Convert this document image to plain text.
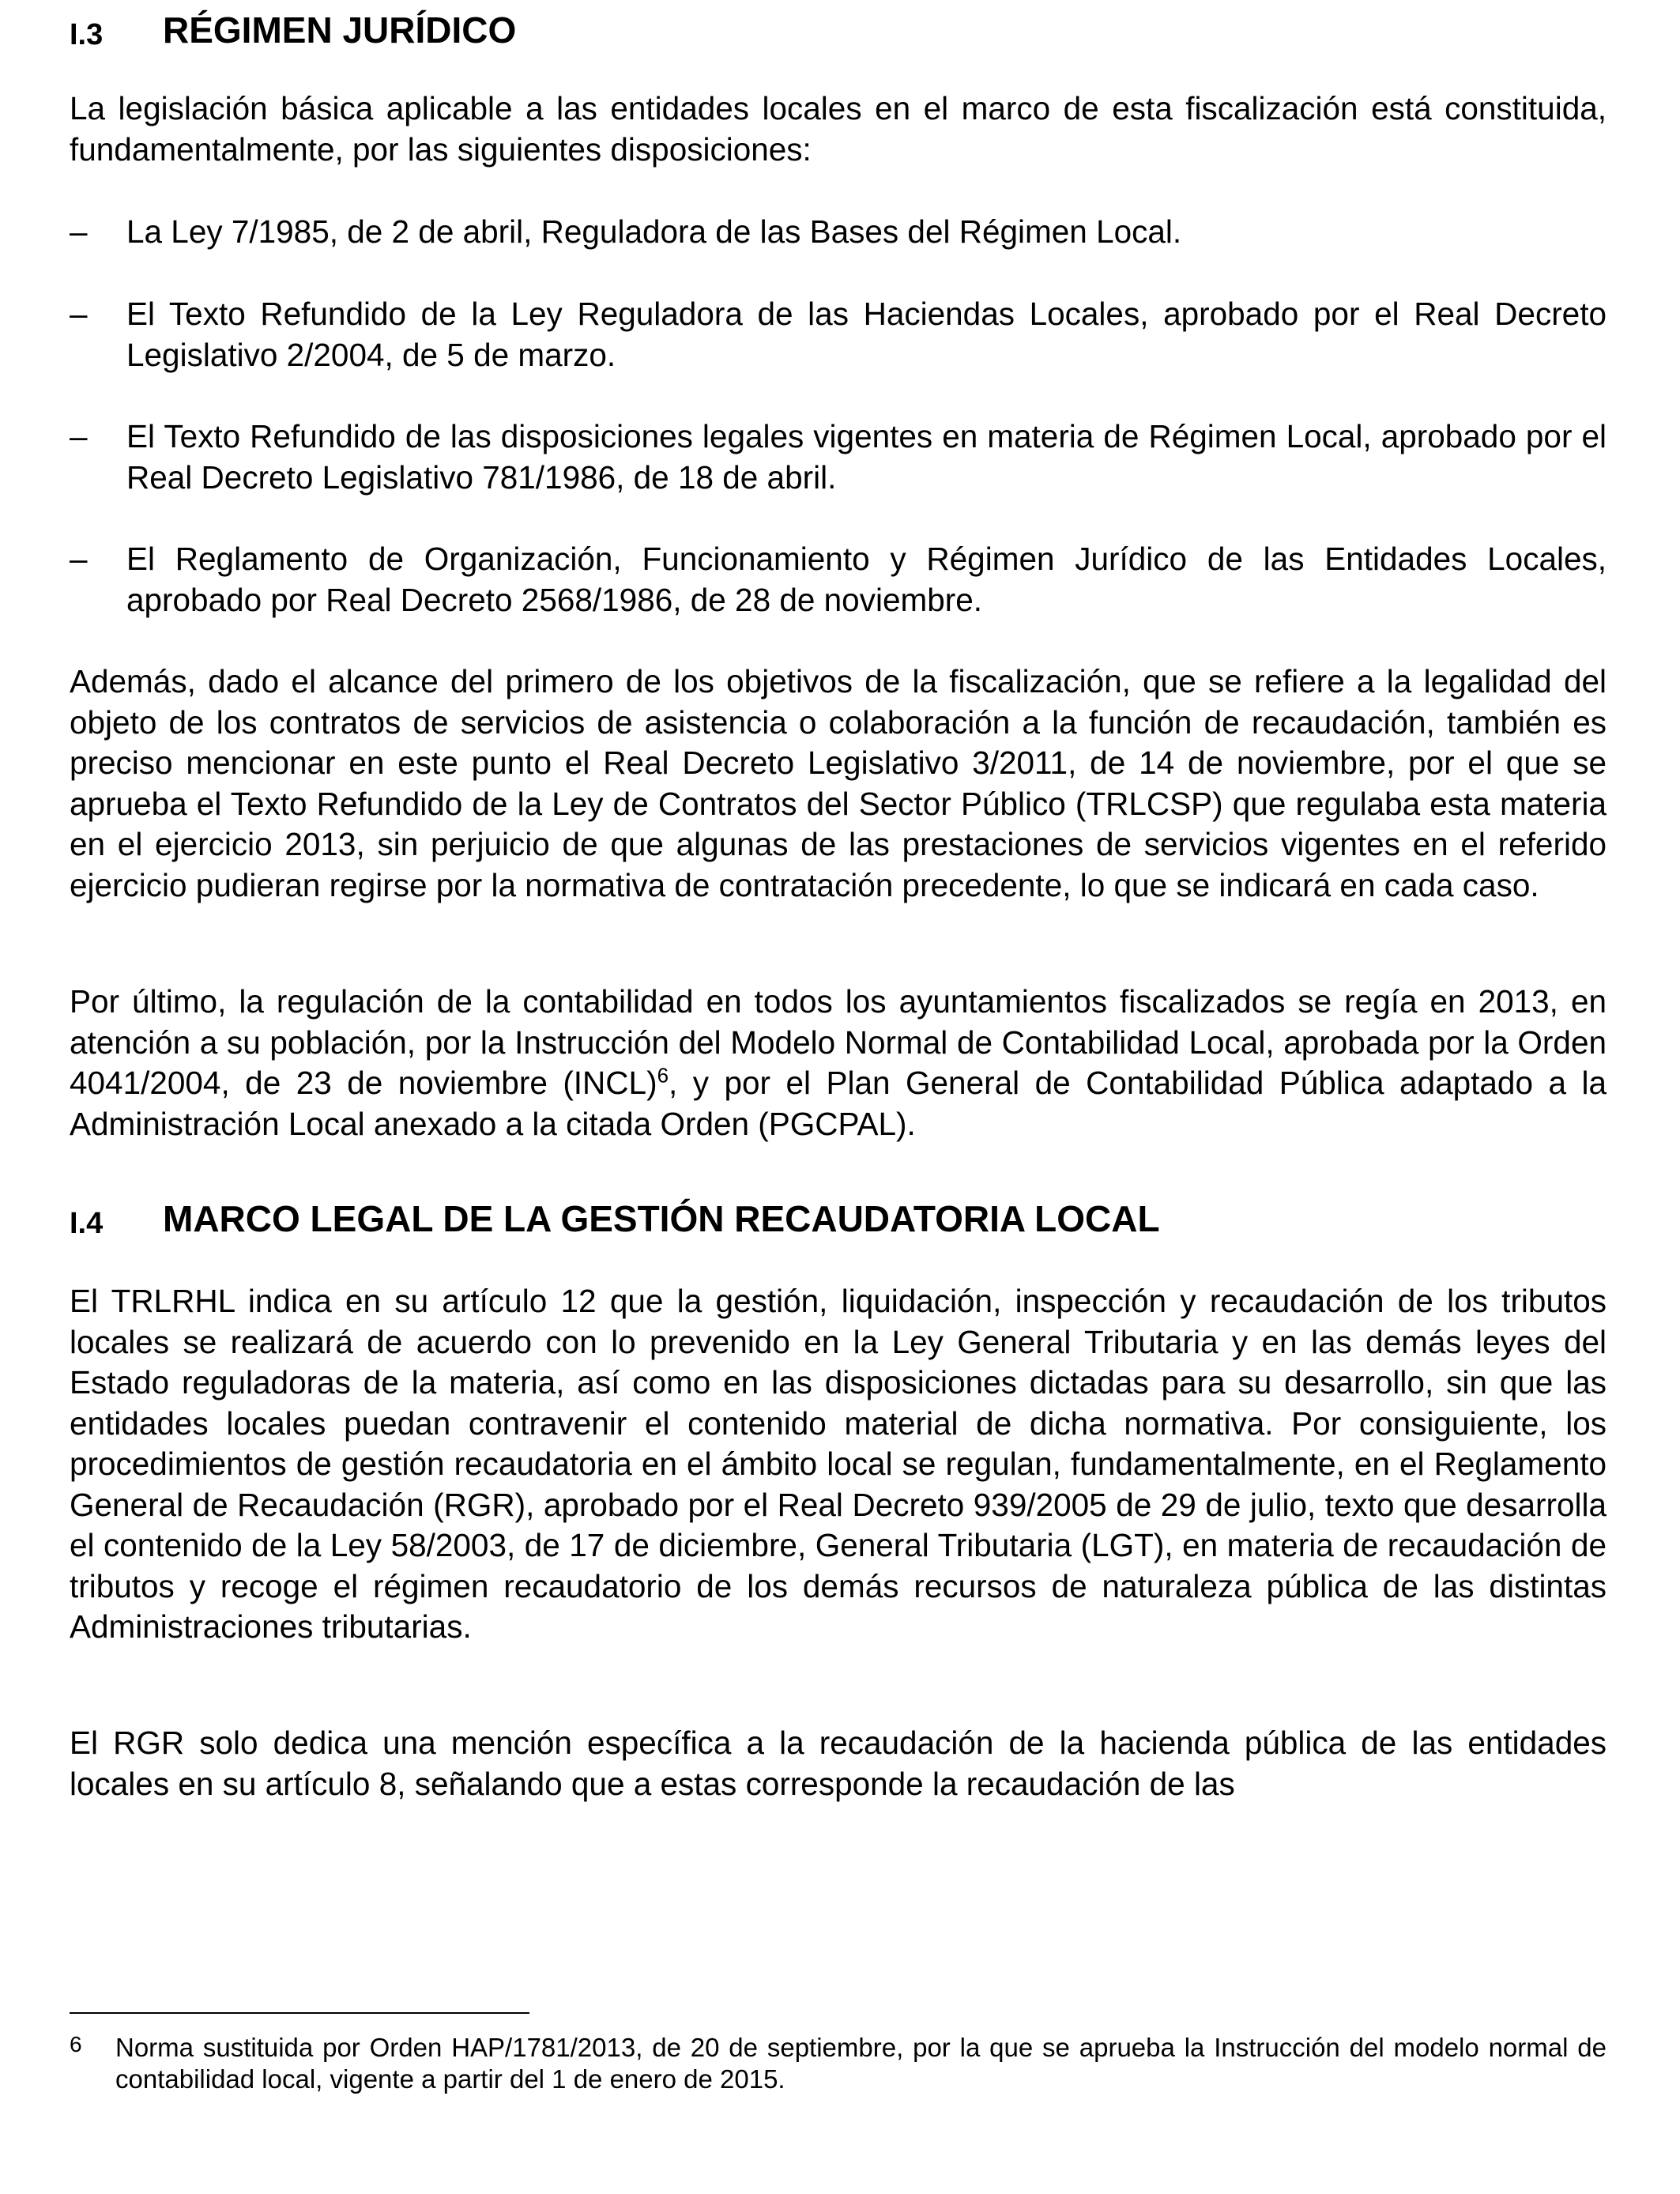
I.3 RÉGIMEN JURÍDICO

La legislación básica aplicable a las entidades locales en el marco de esta fiscalización está constituida, fundamentalmente, por las siguientes disposiciones:

– La Ley 7/1985, de 2 de abril, Reguladora de las Bases del Régimen Local.
– El Texto Refundido de la Ley Reguladora de las Haciendas Locales, aprobado por el Real Decreto Legislativo 2/2004, de 5 de marzo.
– El Texto Refundido de las disposiciones legales vigentes en materia de Régimen Local, aprobado por el Real Decreto Legislativo 781/1986, de 18 de abril.
– El Reglamento de Organización, Funcionamiento y Régimen Jurídico de las Entidades Locales, aprobado por Real Decreto 2568/1986, de 28 de noviembre.

Además, dado el alcance del primero de los objetivos de la fiscalización, que se refiere a la legalidad del objeto de los contratos de servicios de asistencia o colaboración a la función de recaudación, también es preciso mencionar en este punto el Real Decreto Legislativo 3/2011, de 14 de noviembre, por el que se aprueba el Texto Refundido de la Ley de Contratos del Sector Público (TRLCSP) que regulaba esta materia en el ejercicio 2013, sin perjuicio de que algunas de las prestaciones de servicios vigentes en el referido ejercicio pudieran regirse por la normativa de contratación precedente, lo que se indicará en cada caso.

Por último, la regulación de la contabilidad en todos los ayuntamientos fiscalizados se regía en 2013, en atención a su población, por la Instrucción del Modelo Normal de Contabilidad Local, aprobada por la Orden 4041/2004, de 23 de noviembre (INCL)$^6$, y por el Plan General de Contabilidad Pública adaptado a la Administración Local anexado a la citada Orden (PGCPAL).

I.4 MARCO LEGAL DE LA GESTIÓN RECAUDATORIA LOCAL

El TRLRHL indica en su artículo 12 que la gestión, liquidación, inspección y recaudación de los tributos locales se realizará de acuerdo con lo prevenido en la Ley General Tributaria y en las demás leyes del Estado reguladoras de la materia, así como en las disposiciones dictadas para su desarrollo, sin que las entidades locales puedan contravenir el contenido material de dicha normativa. Por consiguiente, los procedimientos de gestión recaudatoria en el ámbito local se regulan, fundamentalmente, en el Reglamento General de Recaudación (RGR), aprobado por el Real Decreto 939/2005 de 29 de julio, texto que desarrolla el contenido de la Ley 58/2003, de 17 de diciembre, General Tributaria (LGT), en materia de recaudación de tributos y recoge el régimen recaudatorio de los demás recursos de naturaleza pública de las distintas Administraciones tributarias.

El RGR solo dedica una mención específica a la recaudación de la hacienda pública de las entidades locales en su artículo 8, señalando que a estas corresponde la recaudación de las

6 Norma sustituida por Orden HAP/1781/2013, de 20 de septiembre, por la que se aprueba la Instrucción del modelo normal de contabilidad local, vigente a partir del 1 de enero de 2015.
